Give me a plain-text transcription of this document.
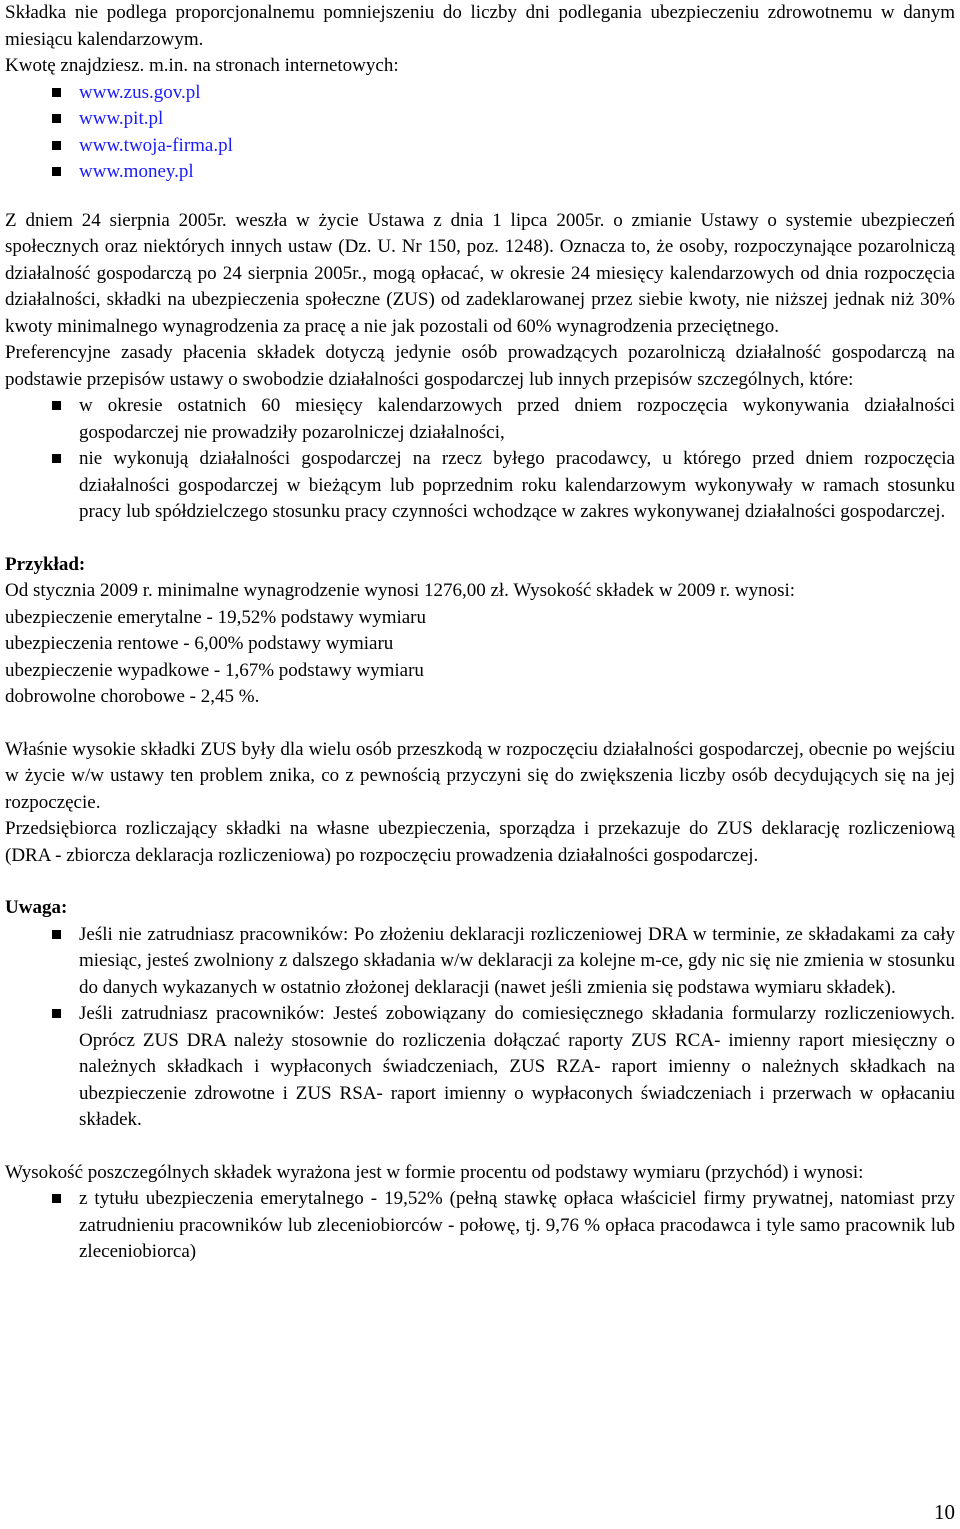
Składka nie podlega proporcjonalnemu pomniejszeniu do liczby dni podlegania ubezpieczeniu zdrowotnemu w danym miesiącu kalendarzowym.

Kwotę znajdziesz. m.in. na stronach internetowych:

www.zus.gov.pl
www.pit.pl
www.twoja-firma.pl
www.money.pl

Z dniem 24 sierpnia 2005r. weszła w życie Ustawa z dnia 1 lipca 2005r. o zmianie Ustawy o systemie ubezpieczeń społecznych oraz niektórych innych ustaw (Dz. U. Nr 150, poz. 1248). Oznacza to, że osoby, rozpoczynające pozarolniczą działalność gospodarczą po 24 sierpnia 2005r., mogą opłacać, w okresie 24 miesięcy kalendarzowych od dnia rozpoczęcia działalności, składki na ubezpieczenia społeczne (ZUS) od zadeklarowanej przez siebie kwoty, nie niższej jednak niż 30% kwoty minimalnego wynagrodzenia za pracę a nie jak pozostali od 60% wynagrodzenia przeciętnego.

Preferencyjne zasady płacenia składek dotyczą jedynie osób prowadzących pozarolniczą działalność gospodarczą na podstawie przepisów ustawy o swobodzie działalności gospodarczej lub innych przepisów szczególnych, które:

w okresie ostatnich 60 miesięcy kalendarzowych przed dniem rozpoczęcia wykonywania działalności gospodarczej nie prowadziły pozarolniczej działalności,
nie wykonują działalności gospodarczej na rzecz byłego pracodawcy, u którego przed dniem rozpoczęcia działalności gospodarczej w bieżącym lub poprzednim roku kalendarzowym wykonywały w ramach stosunku pracy lub spółdzielczego stosunku pracy czynności wchodzące w zakres wykonywanej działalności gospodarczej.

Przykład:

Od stycznia 2009 r. minimalne wynagrodzenie wynosi 1276,00 zł. Wysokość składek w 2009 r. wynosi:

ubezpieczenie emerytalne - 19,52% podstawy wymiaru

ubezpieczenia rentowe - 6,00% podstawy wymiaru

ubezpieczenie wypadkowe - 1,67% podstawy wymiaru

dobrowolne chorobowe - 2,45 %.

Właśnie wysokie składki ZUS były dla wielu osób przeszkodą w rozpoczęciu działalności gospodarczej, obecnie po wejściu w życie w/w ustawy ten problem znika, co z pewnością przyczyni się do zwiększenia liczby osób decydujących się na jej rozpoczęcie.

Przedsiębiorca rozliczający składki na własne ubezpieczenia, sporządza i przekazuje do ZUS deklarację rozliczeniową (DRA - zbiorcza deklaracja rozliczeniowa) po rozpoczęciu prowadzenia działalności gospodarczej.

Uwaga:

Jeśli nie zatrudniasz pracowników: Po złożeniu deklaracji rozliczeniowej DRA w terminie, ze składakami za cały miesiąc, jesteś zwolniony z dalszego składania w/w deklaracji za kolejne m-ce, gdy nic się nie zmienia w stosunku do danych wykazanych w ostatnio złożonej deklaracji (nawet jeśli zmienia się podstawa wymiaru składek).
Jeśli zatrudniasz pracowników: Jesteś zobowiązany do comiesięcznego składania formularzy rozliczeniowych. Oprócz ZUS DRA należy stosownie do rozliczenia dołączać raporty ZUS RCA- imienny raport miesięczny o należnych składkach i wypłaconych świadczeniach, ZUS RZA- raport imienny o należnych składkach na ubezpieczenie zdrowotne i ZUS RSA- raport imienny o wypłaconych świadczeniach i przerwach w opłacaniu składek.

Wysokość poszczególnych składek wyrażona jest w formie procentu od podstawy wymiaru (przychód) i wynosi:

z tytułu ubezpieczenia emerytalnego - 19,52% (pełną stawkę opłaca właściciel firmy prywatnej, natomiast przy zatrudnieniu pracowników lub zleceniobiorców - połowę, tj. 9,76 % opłaca pracodawca i tyle samo pracownik lub zleceniobiorca)
10
